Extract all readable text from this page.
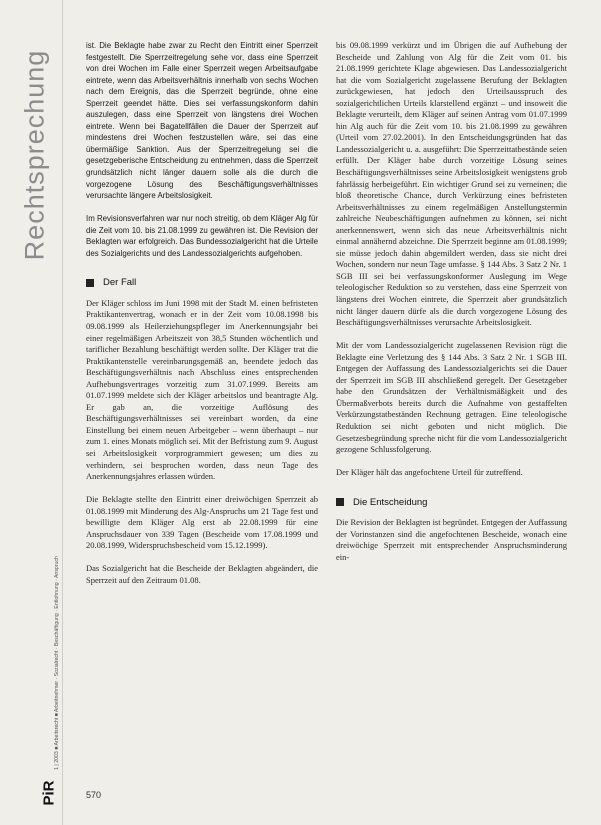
Rechtsprechung
1 | 2003 ■ Arbeitsrecht ■ Arbeitnehmer · Sozialrecht · Beschäftigung · Entlohnung · Anspruch
PiR	570

ist. Die Beklagte habe zwar zu Recht den Eintritt einer Sperrzeit festgestellt. Die Sperrzeitregelung sehe vor, dass eine Sperrzeit von drei Wochen im Falle einer Sperrzeit wegen Arbeitsaufgabe eintrete, wenn das Arbeitsverhältnis innerhalb von sechs Wochen nach dem Ereignis, das die Sperrzeit begründe, ohne eine Sperrzeit geendet hätte. Dies sei verfassungskonform dahin auszulegen, dass eine Sperrzeit von längstens drei Wochen eintrete. Wenn bei Bagatellfällen die Dauer der Sperrzeit auf mindestens drei Wochen festzustellen wäre, sei das eine übermäßige Sanktion. Aus der Sperrzeitregelung sei die gesetzgeberische Entscheidung zu entnehmen, dass die Sperrzeit grundsätzlich nicht länger dauern solle als die durch die vorgezogene Lösung des Beschäftigungsverhältnisses verursachte längere Arbeitslosigkeit.

Im Revisionsverfahren war nur noch streitig, ob dem Kläger Alg für die Zeit vom 10. bis 21.08.1999 zu gewähren ist. Die Revision der Beklagten war erfolgreich. Das Bundessozialgericht hat die Urteile des Sozialgerichts und des Landessozialgerichts aufgehoben.

Der Fall

Der Kläger schloss im Juni 1998 mit der Stadt M. einen befristeten Praktikantenvertrag, wonach er in der Zeit vom 10.08.1998 bis 09.08.1999 als Heilerziehungspfleger im Anerkennungsjahr bei einer regelmäßigen Arbeitszeit von 38,5 Stunden wöchentlich und tariflicher Bezahlung beschäftigt werden sollte. Der Kläger trat die Praktikantenstelle vereinbarungsgemäß an, beendete jedoch das Beschäftigungsverhältnis nach Abschluss eines entsprechenden Aufhebungsvertrages vorzeitig zum 31.07.1999. Bereits am 01.07.1999 meldete sich der Kläger arbeitslos und beantragte Alg. Er gab an, die vorzeitige Auflösung des Beschäftigungsverhältnisses sei vereinbart worden, da eine Einstellung bei einem neuen Arbeitgeber – wenn überhaupt – nur zum 1. eines Monats möglich sei. Mit der Befristung zum 9. August sei Arbeitslosigkeit vorprogrammiert gewesen; um dies zu verhindern, sei besprochen worden, dass neun Tage des Anerkennungsjahres erlassen würden.

Die Beklagte stellte den Eintritt einer dreiwöchigen Sperrzeit ab 01.08.1999 mit Minderung des Alg-Anspruchs um 21 Tage fest und bewilligte dem Kläger Alg erst ab 22.08.1999 für eine Anspruchsdauer von 339 Tagen (Bescheide vom 17.08.1999 und 20.08.1999, Widerspruchsbescheid vom 15.12.1999).

Das Sozialgericht hat die Bescheide der Beklagten abgeändert, die Sperrzeit auf den Zeitraum 01.08.

bis 09.08.1999 verkürzt und im Übrigen die auf Aufhebung der Bescheide und Zahlung von Alg für die Zeit vom 01. bis 21.08.1999 gerichtete Klage abgewiesen. Das Landessozialgericht hat die vom Sozialgericht zugelassene Berufung der Beklagten zurückgewiesen, hat jedoch den Urteilsausspruch des sozialgerichtlichen Urteils klarstellend ergänzt – und insoweit die Beklagte verurteilt, dem Kläger auf seinen Antrag vom 01.07.1999 hin Alg auch für die Zeit vom 10. bis 21.08.1999 zu gewähren (Urteil vom 27.02.2001). In den Entscheidungsgründen hat das Landessozialgericht u. a. ausgeführt: Die Sperrzeittatbestände seien erfüllt. Der Kläger habe durch vorzeitige Lösung seines Beschäftigungsverhältnisses seine Arbeitslosigkeit wenigstens grob fahrlässig herbeigeführt. Ein wichtiger Grund sei zu verneinen; die bloß theoretische Chance, durch Verkürzung eines befristeten Arbeitsverhältnisses zu einem regelmäßigen Anstellungstermin zahlreiche Neubeschäftigungen aufnehmen zu können, sei nicht anerkennenswert, wenn sich das neue Arbeitsverhältnis nicht einmal annähernd abzeichne. Die Sperrzeit beginne am 01.08.1999; sie müsse jedoch dahin abgemildert werden, dass sie nicht drei Wochen, sondern nur neun Tage umfasse. § 144 Abs. 3 Satz 2 Nr. 1 SGB III sei bei verfassungskonformer Auslegung im Wege teleologischer Reduktion so zu verstehen, dass eine Sperrzeit von längstens drei Wochen eintrete, die Sperrzeit aber grundsätzlich nicht länger dauern dürfe als die durch vorgezogene Lösung des Beschäftigungsverhältnisses verursachte Arbeitslosigkeit.

Mit der vom Landessozialgericht zugelassenen Revision rügt die Beklagte eine Verletzung des § 144 Abs. 3 Satz 2 Nr. 1 SGB III. Entgegen der Auffassung des Landessozialgerichts sei die Dauer der Sperrzeit im SGB III abschließend geregelt. Der Gesetzgeber habe den Grundsätzen der Verhältnismäßigkeit und des Übermaßverbots bereits durch die Aufnahme von gestaffelten Verkürzungstatbeständen Rechnung getragen. Eine teleologische Reduktion sei nicht geboten und nicht möglich. Die Gesetzesbegründung spreche nicht für die vom Landessozialgericht gezogene Schlussfolgerung.

Der Kläger hält das angefochtene Urteil für zutreffend.

Die Entscheidung

Die Revision der Beklagten ist begründet. Entgegen der Auffassung der Vorinstanzen sind die angefochtenen Bescheide, wonach eine dreiwöchige Sperrzeit mit entsprechender Anspruchsminderung ein-
